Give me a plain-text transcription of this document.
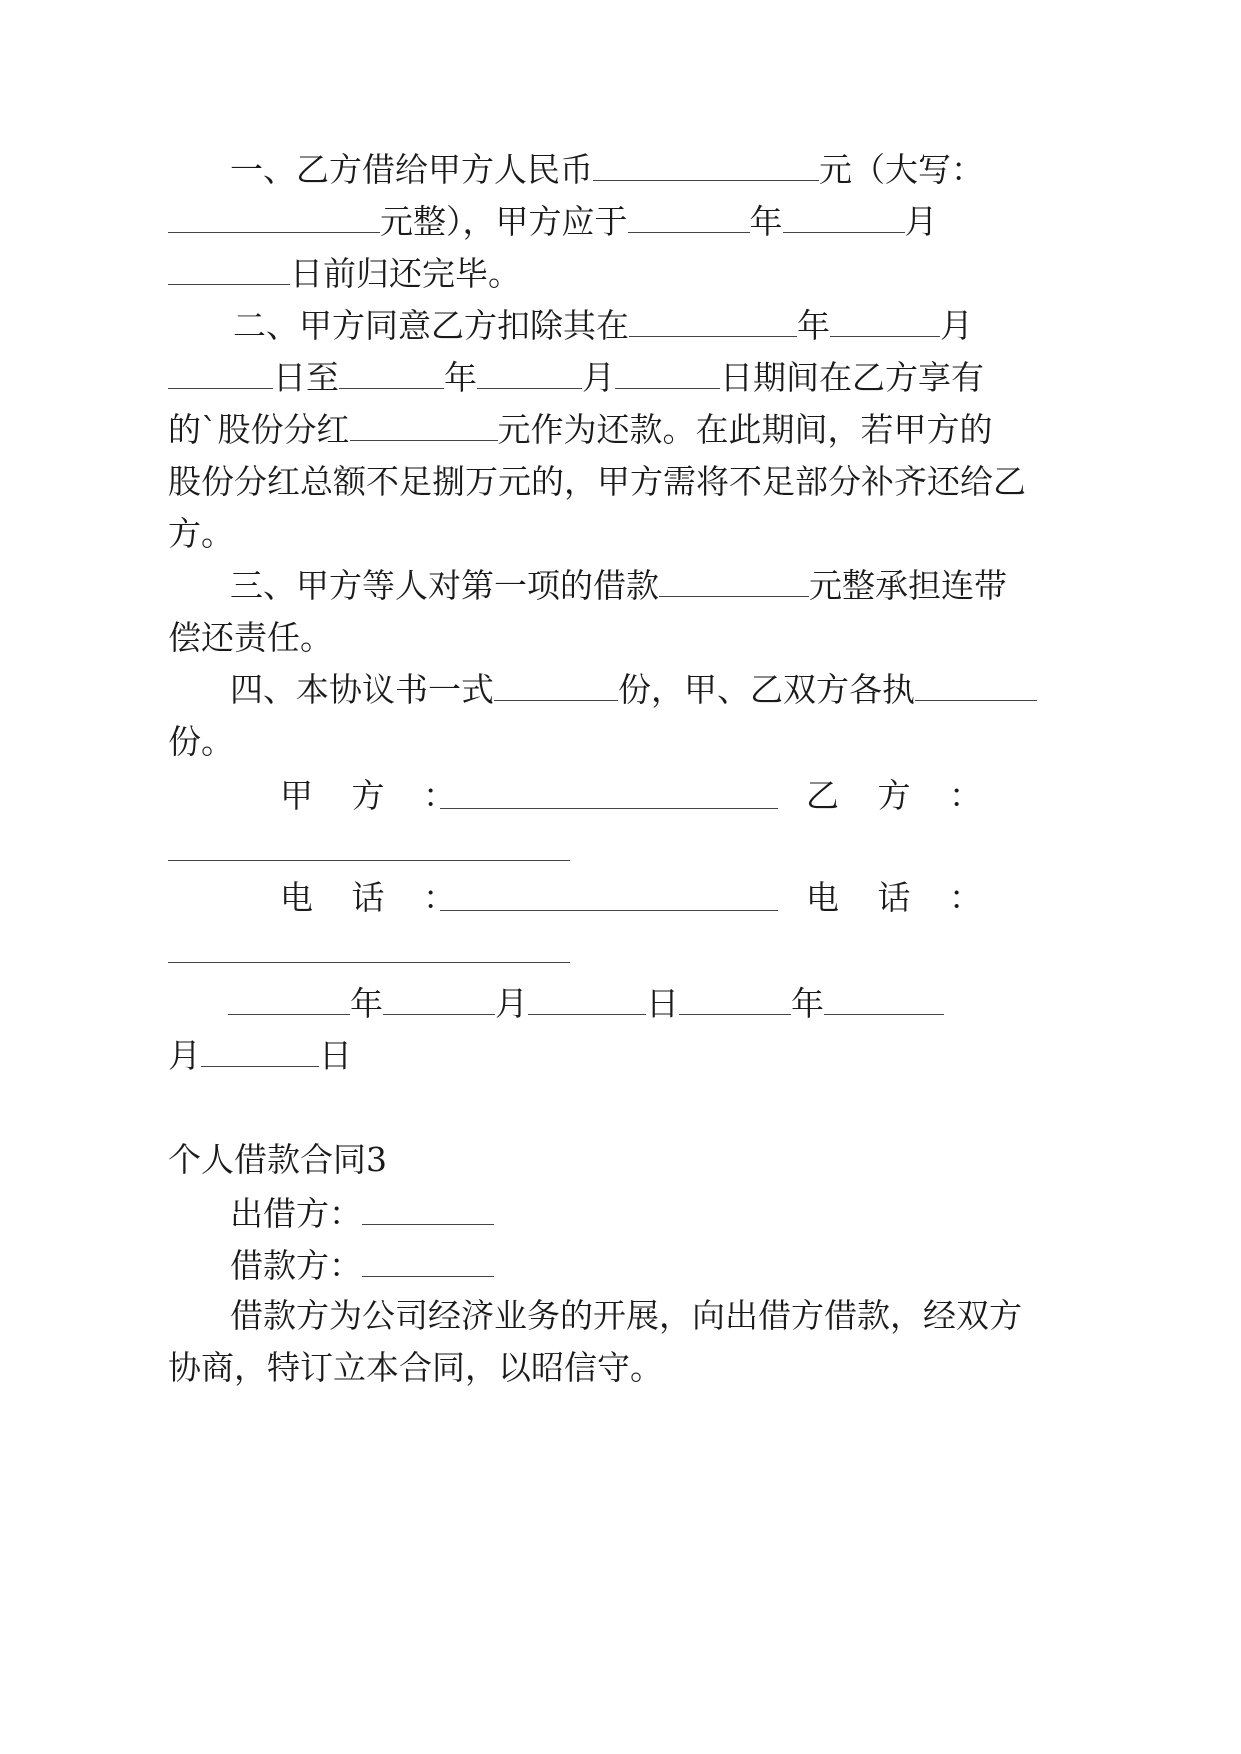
一、乙方借给甲方人民币	元（大写：
元整），甲方应于	年	月
日前归还完毕。
二、甲方同意乙方扣除其在	年	月
日至	年	月	日期间在乙方享有
的`股份分红	元作为还款。在此期间，若甲方的
股份分红总额不足捌万元的，甲方需将不足部分补齐还给乙
方。
三、甲方等人对第一项的借款	元整承担连带
偿还责任。
四、本协议书一式	份，甲、乙双方各执
份。
甲 方 ：	乙 方 ：
电 话 ：	电 话 ：
年	月	日	年
月	日
个人借款合同3
出借方：
借款方：
借款方为公司经济业务的开展，向出借方借款，经双方
协商，特订立本合同，以昭信守。
